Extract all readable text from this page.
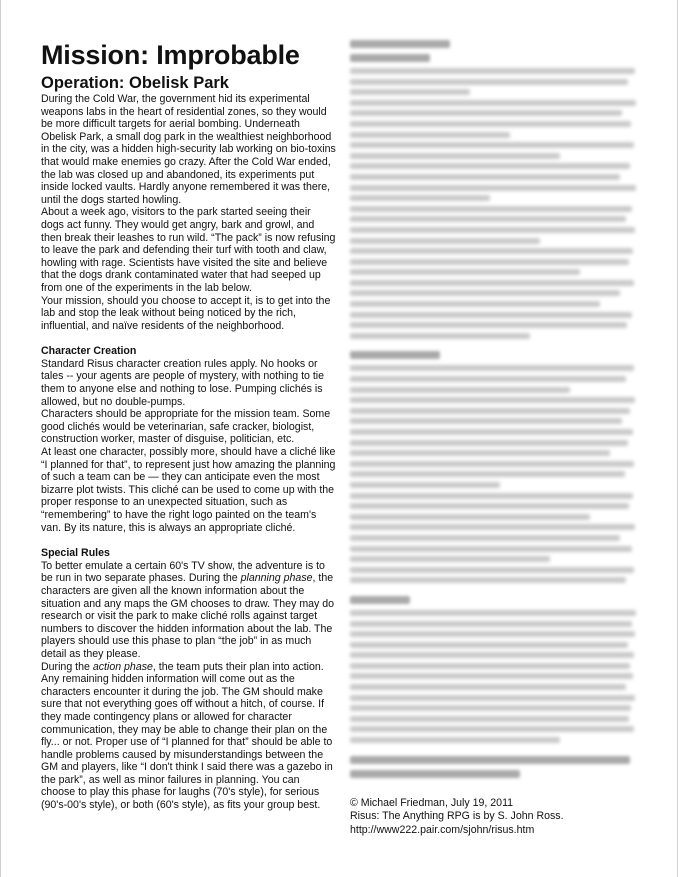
Mission: Improbable
Operation: Obelisk Park

During the Cold War, the government hid its experimental weapons labs in the heart of residential zones, so they would be more difficult targets for aerial bombing. Underneath Obelisk Park, a small dog park in the wealthiest neighborhood in the city, was a hidden high-security lab working on bio-toxins that would make enemies go crazy. After the Cold War ended, the lab was closed up and abandoned, its experiments put inside locked vaults. Hardly anyone remembered it was there, until the dogs started howling.

About a week ago, visitors to the park started seeing their dogs act funny. They would get angry, bark and growl, and then break their leashes to run wild. “The pack” is now refusing to leave the park and defending their turf with tooth and claw, howling with rage. Scientists have visited the site and believe that the dogs drank contaminated water that had seeped up from one of the experiments in the lab below.

Your mission, should you choose to accept it, is to get into the lab and stop the leak without being noticed by the rich, influential, and naïve residents of the neighborhood.

Character Creation

Standard Risus character creation rules apply. No hooks or tales -- your agents are people of mystery, with nothing to tie them to anyone else and nothing to lose. Pumping clichés is allowed, but no double-pumps.

Characters should be appropriate for the mission team. Some good clichés would be veterinarian, safe cracker, biologist, construction worker, master of disguise, politician, etc.

At least one character, possibly more, should have a cliché like “I planned for that”, to represent just how amazing the planning of such a team can be — they can anticipate even the most bizarre plot twists. This cliché can be used to come up with the proper response to an unexpected situation, such as “remembering” to have the right logo painted on the team's van. By its nature, this is always an appropriate cliché.

Special Rules

To better emulate a certain 60's TV show, the adventure is to be run in two separate phases. During the planning phase, the characters are given all the known information about the situation and any maps the GM chooses to draw. They may do research or visit the park to make cliché rolls against target numbers to discover the hidden information about the lab. The players should use this phase to plan “the job” in as much detail as they please.

During the action phase, the team puts their plan into action. Any remaining hidden information will come out as the characters encounter it during the job. The GM should make sure that not everything goes off without a hitch, of course. If they made contingency plans or allowed for character communication, they may be able to change their plan on the fly... or not. Proper use of “I planned for that” should be able to handle problems caused by misunderstandings between the GM and players, like “I don't think I said there was a gazebo in the park”, as well as minor failures in planning. You can choose to play this phase for laughs (70's style), for serious (90's-00's style), or both (60's style), as fits your group best.	© Michael Friedman, July 19, 2011
Risus: The Anything RPG is by S. John Ross.
http://www222.pair.com/sjohn/risus.htm
